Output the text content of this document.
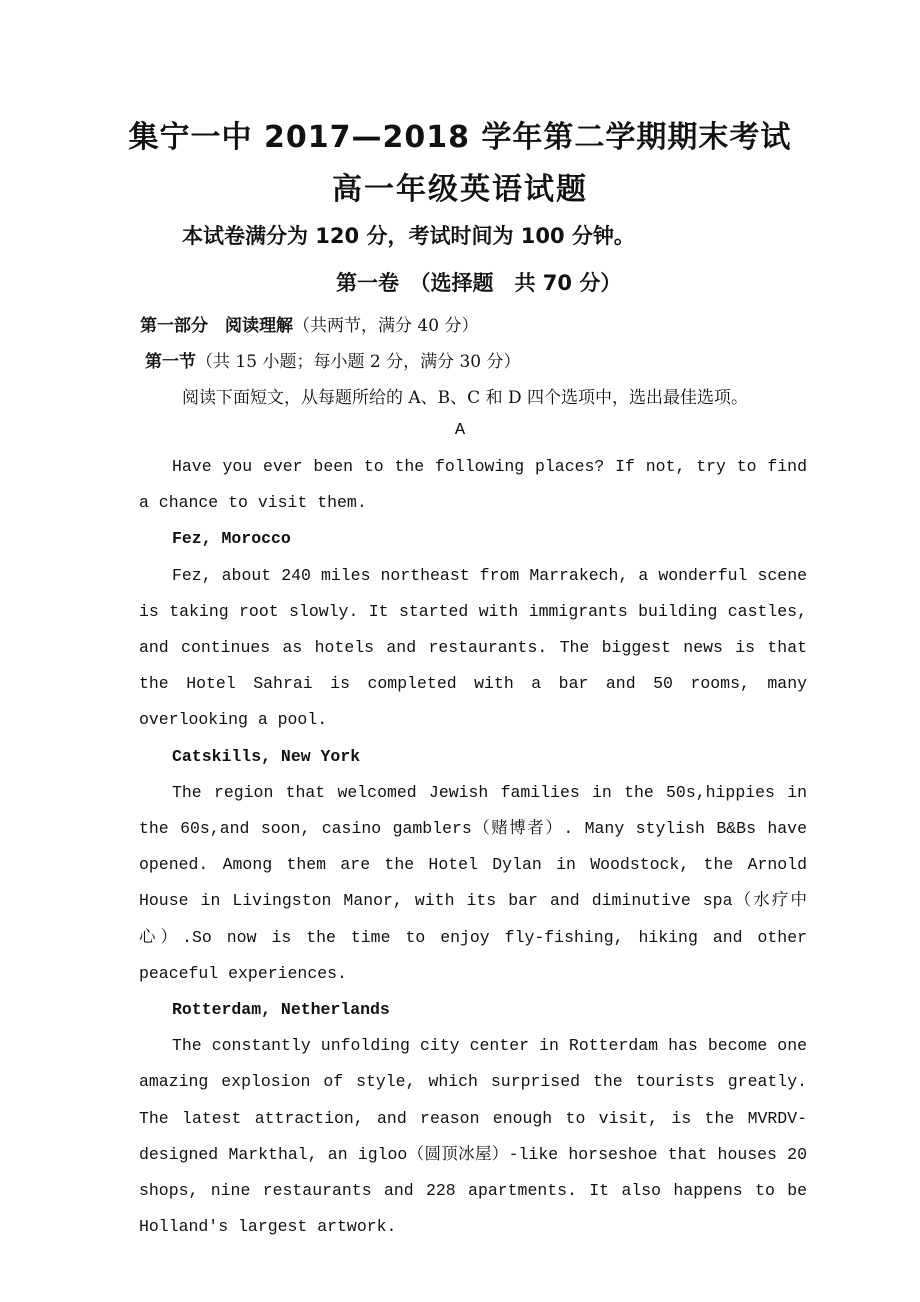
集宁一中 2017—2018 学年第二学期期末考试
高一年级英语试题
本试卷满分为 120 分，考试时间为 100 分钟。
第一卷　（选择题　共 70 分）
第一部分　阅读理解（共两节，满分 40 分）
第一节（共 15 小题；每小题 2 分，满分 30 分）
阅读下面短文，从每题所给的 A、B、C 和 D 四个选项中，选出最佳选项。
A

Have you ever been to the following places? If not, try to find a chance to visit them.

Fez, Morocco

Fez, about 240 miles northeast from Marrakech, a wonderful scene is taking root slowly. It started with immigrants building castles, and continues as hotels and restaurants. The biggest news is that the Hotel Sahrai is completed with a bar and 50 rooms, many overlooking a pool.

Catskills, New York

The region that welcomed Jewish families in the 50s,hippies in the 60s,and soon, casino gamblers（赌博者）. Many stylish B&Bs have opened. Among them are the Hotel Dylan in Woodstock, the Arnold House in Livingston Manor, with its bar and diminutive spa（水疗中心）.So now is the time to enjoy fly-fishing, hiking and other peaceful experiences.

Rotterdam, Netherlands

The constantly unfolding city center in Rotterdam has become one amazing explosion of style, which surprised the tourists greatly. The latest attraction, and reason enough to visit, is the MVRDV-designed Markthal, an igloo（圆顶冰屋）-like horseshoe that houses 20 shops, nine restaurants and 228 apartments. It also happens to be Holland's largest artwork.
